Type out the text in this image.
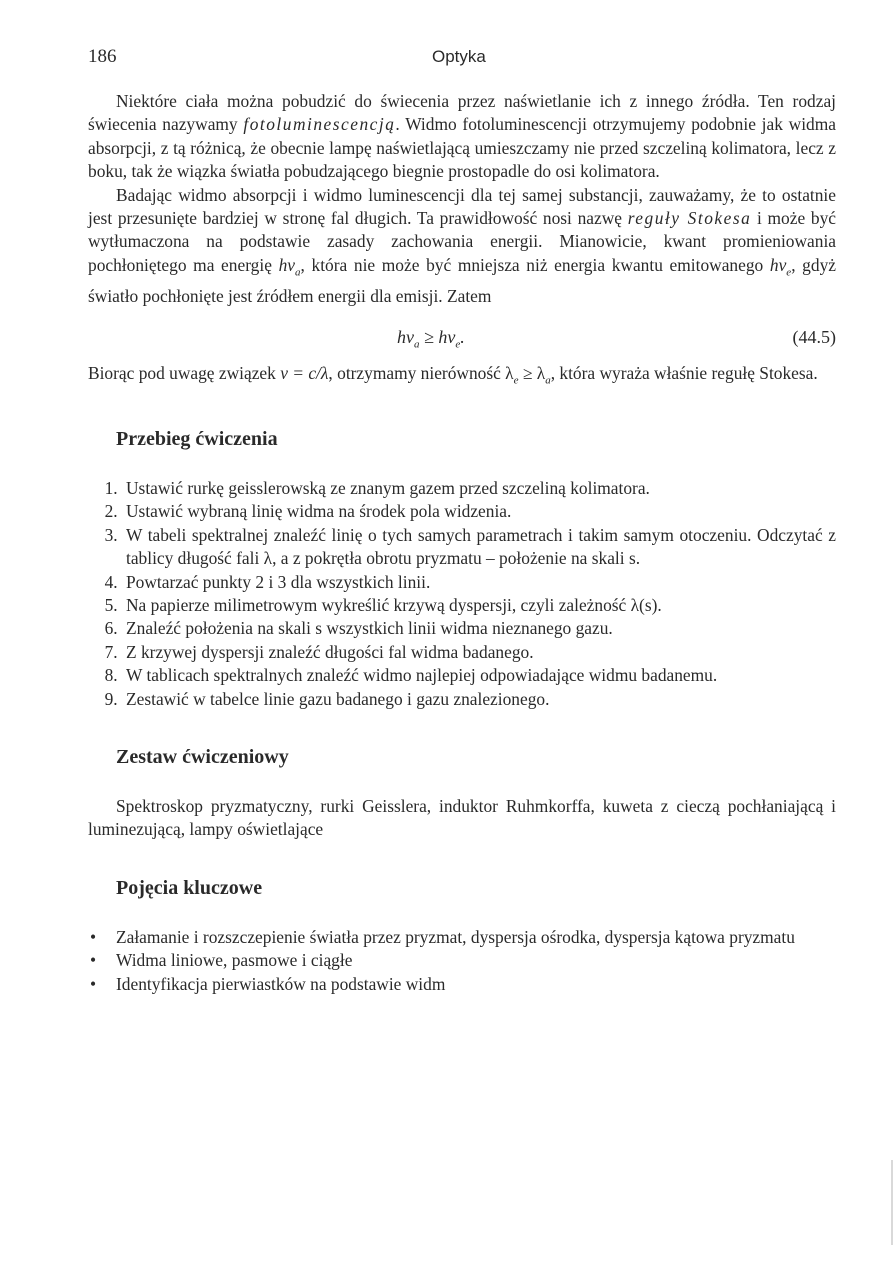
186	Optyka

Niektóre ciała można pobudzić do świecenia przez naświetlanie ich z innego źródła. Ten rodzaj świecenia nazywamy fotoluminescencją. Widmo fotoluminescencji otrzymujemy podobnie jak widma absorpcji, z tą różnicą, że obecnie lampę naświetlającą umieszczamy nie przed szczeliną kolimatora, lecz z boku, tak że wiązka światła pobudzającego biegnie prostopadle do osi kolimatora.

Badając widmo absorpcji i widmo luminescencji dla tej samej substancji, zauważamy, że to ostatnie jest przesunięte bardziej w stronę fal długich. Ta prawidłowość nosi nazwę reguły Stokesa i może być wytłumaczona na podstawie zasady zachowania energii. Mianowicie, kwant promieniowania pochłoniętego ma energię $h\nu_a$, która nie może być mniejsza niż energia kwantu emitowanego $h\nu_e$, gdyż światło pochłonięte jest źródłem energii dla emisji. Zatem

$h\nu_a \ge h\nu_e$.	(44.5)

Biorąc pod uwagę związek ν = c/λ, otrzymamy nierówność $\lambda_e \ge \lambda_a$, która wyraża właśnie regułę Stokesa.

Przebieg ćwiczenia
1. Ustawić rurkę geisslerowską ze znanym gazem przed szczeliną kolimatora.
2. Ustawić wybraną linię widma na środek pola widzenia.
3. W tabeli spektralnej znaleźć linię o tych samych parametrach i takim samym otoczeniu. Odczytać z tablicy długość fali λ, a z pokrętła obrotu pryzmatu – położenie na skali s.
4. Powtarzać punkty 2 i 3 dla wszystkich linii.
5. Na papierze milimetrowym wykreślić krzywą dyspersji, czyli zależność λ(s).
6. Znaleźć położenia na skali s wszystkich linii widma nieznanego gazu.
7. Z krzywej dyspersji znaleźć długości fal widma badanego.
8. W tablicach spektralnych znaleźć widmo najlepiej odpowiadające widmu badanemu.
9. Zestawić w tabelce linie gazu badanego i gazu znalezionego.
Zestaw ćwiczeniowy

Spektroskop pryzmatyczny, rurki Geisslera, induktor Ruhmkorffa, kuweta z cieczą pochłaniającą i luminezującą, lampy oświetlające

Pojęcia kluczowe
• Załamanie i rozszczepienie światła przez pryzmat, dyspersja ośrodka, dyspersja kątowa pryzmatu
• Widma liniowe, pasmowe i ciągłe
• Identyfikacja pierwiastków na podstawie widm
